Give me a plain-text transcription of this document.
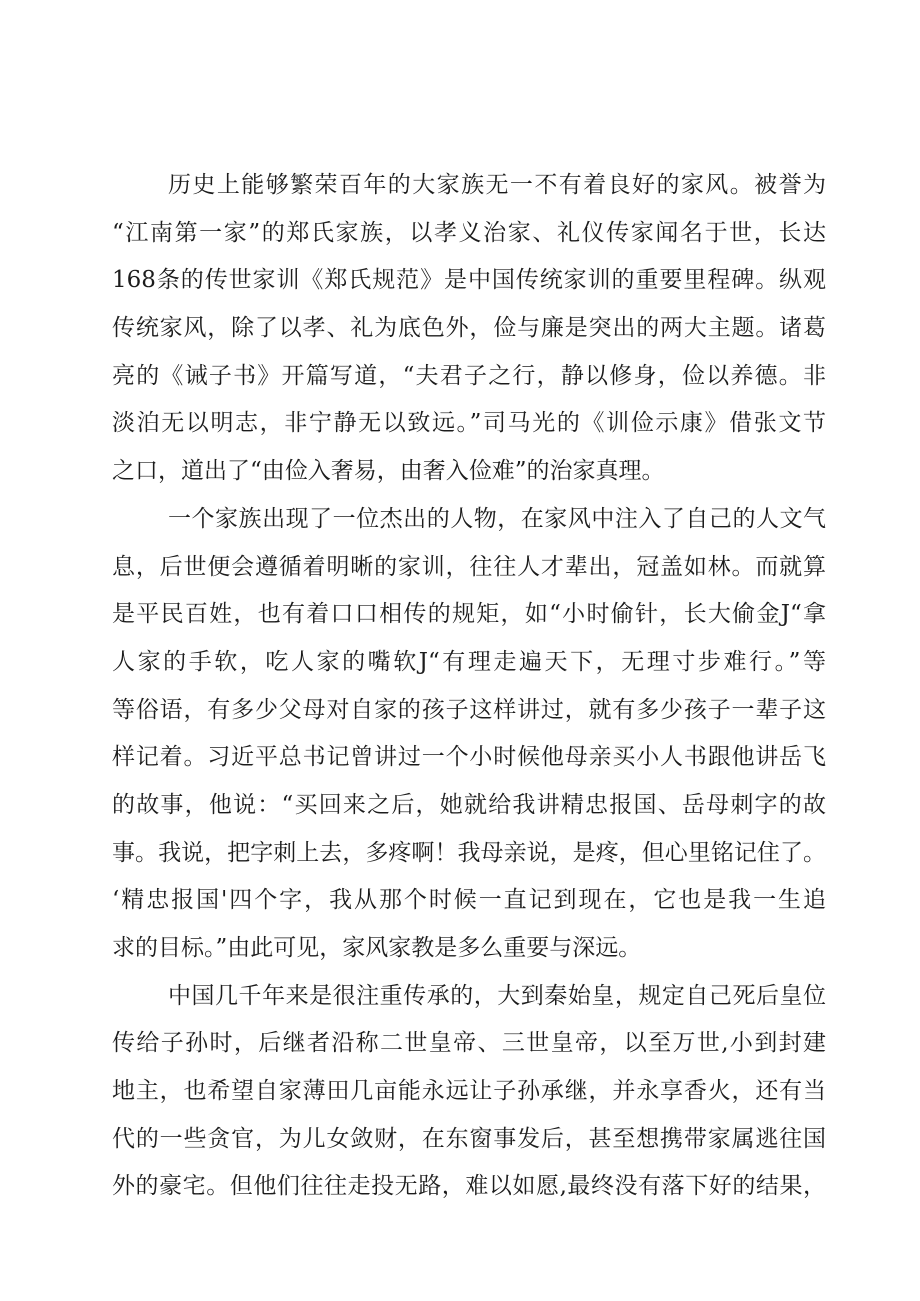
历史上能够繁荣百年的大家族无一不有着良好的家风。被誉为
“江南第一家”的郑氏家族，以孝义治家、礼仪传家闻名于世，长达
168条的传世家训《郑氏规范》是中国传统家训的重要里程碑。纵观
传统家风，除了以孝、礼为底色外，俭与廉是突出的两大主题。诸葛
亮的《诫子书》开篇写道，“夫君子之行，静以修身，俭以养德。非
淡泊无以明志，非宁静无以致远。”司马光的《训俭示康》借张文节
之口，道出了“由俭入奢易，由奢入俭难”的治家真理。
一个家族出现了一位杰出的人物，在家风中注入了自己的人文气
息，后世便会遵循着明晰的家训，往往人才辈出，冠盖如林。而就算
是平民百姓，也有着口口相传的规矩，如“小时偷针，长大偷金J“拿
人家的手软，吃人家的嘴软J“有理走遍天下，无理寸步难行。”等
等俗语，有多少父母对自家的孩子这样讲过，就有多少孩子一辈子这
样记着。习近平总书记曾讲过一个小时候他母亲买小人书跟他讲岳飞
的故事，他说：“买回来之后，她就给我讲精忠报国、岳母刺字的故
事。我说，把字刺上去，多疼啊！我母亲说，是疼，但心里铭记住了。
‘精忠报国'四个字，我从那个时候一直记到现在，它也是我一生追
求的目标。”由此可见，家风家教是多么重要与深远。
中国几千年来是很注重传承的，大到秦始皇，规定自己死后皇位
传给子孙时，后继者沿称二世皇帝、三世皇帝，以至万世,小到封建
地主，也希望自家薄田几亩能永远让子孙承继，并永享香火，还有当
代的一些贪官，为儿女敛财，在东窗事发后，甚至想携带家属逃往国
外的豪宅。但他们往往走投无路，难以如愿,最终没有落下好的结果，
